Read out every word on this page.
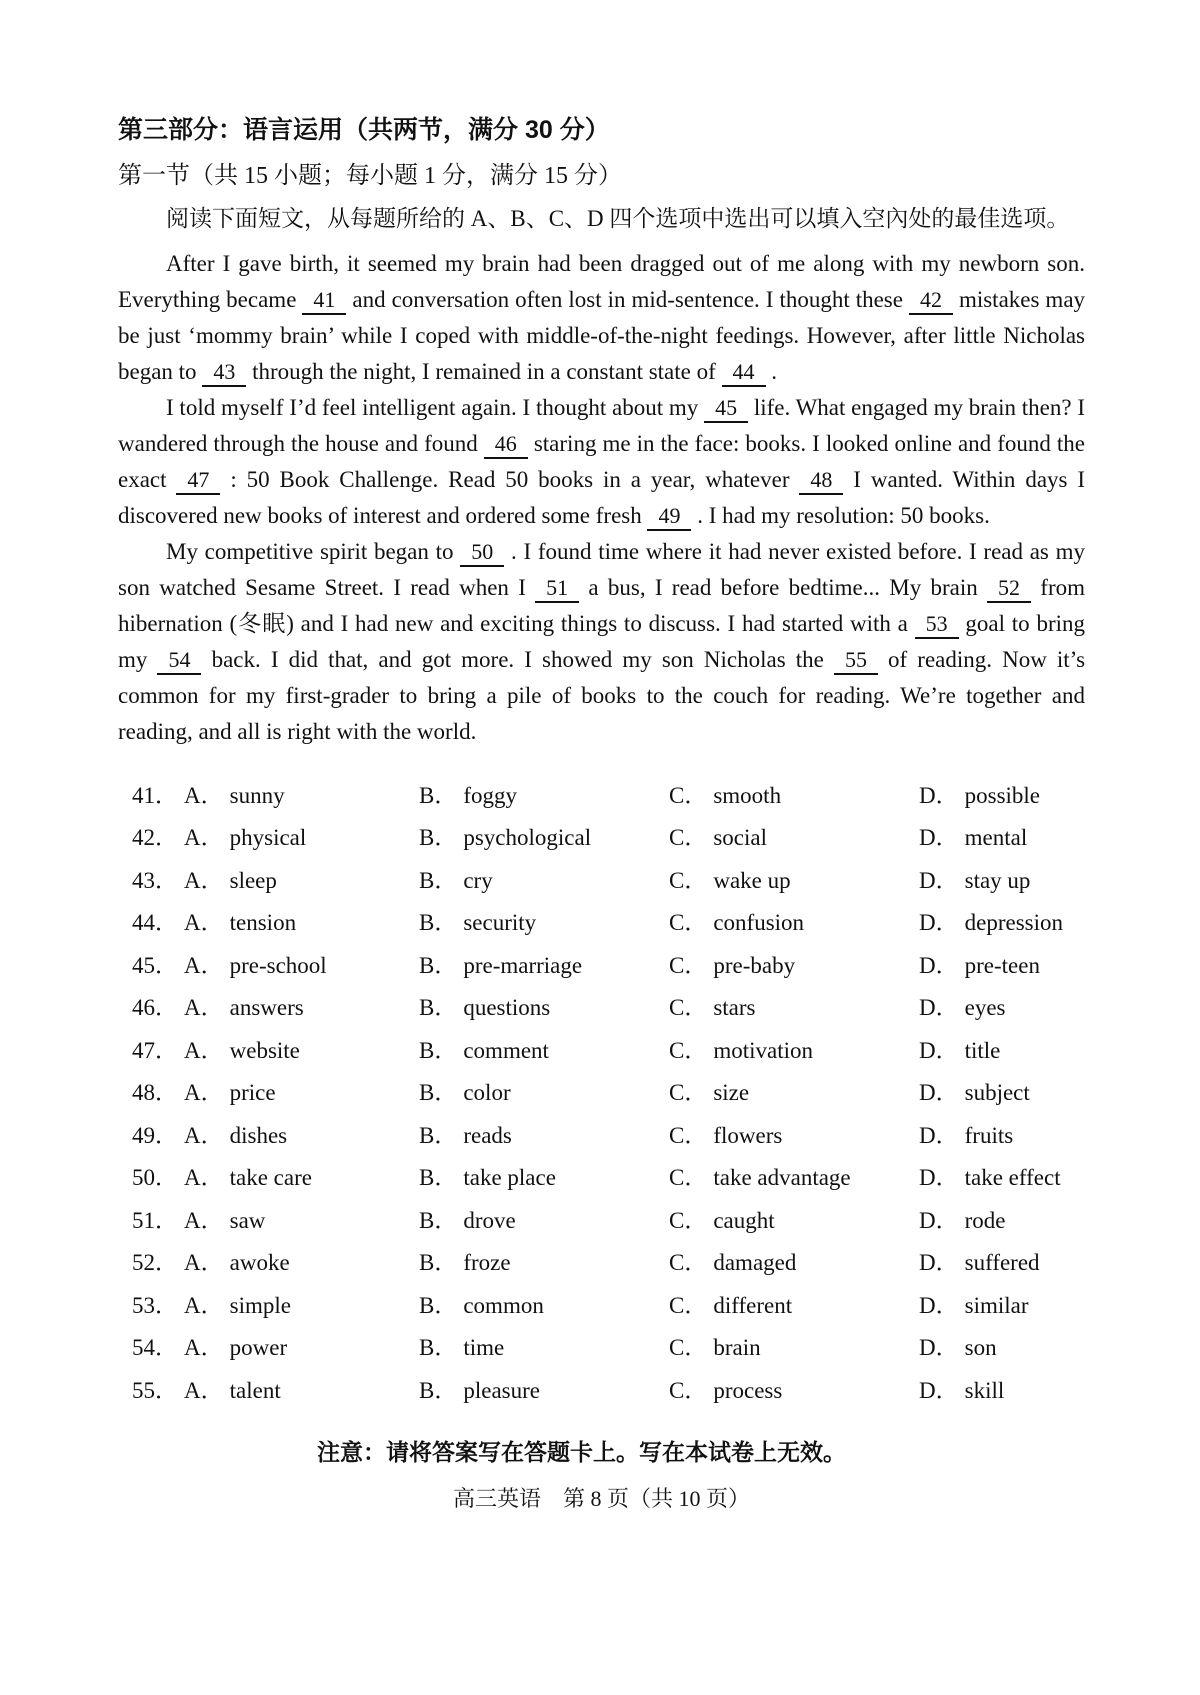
第三部分：语言运用（共两节，满分 30 分）
第一节（共 15 小题；每小题 1 分，满分 15 分）

阅读下面短文，从每题所给的 A、B、C、D 四个选项中选出可以填入空內处的最佳选项。

After I gave birth, it seemed my brain had been dragged out of me along with my newborn son. Everything became 41 and conversation often lost in mid-sentence. I thought these 42 mistakes may be just ‘mommy brain’ while I coped with middle-of-the-night feedings. However, after little Nicholas began to 43 through the night, I remained in a constant state of 44 .

I told myself I’d feel intelligent again. I thought about my 45 life. What engaged my brain then? I wandered through the house and found 46 staring me in the face: books. I looked online and found the exact 47 : 50 Book Challenge. Read 50 books in a year, whatever 48 I wanted. Within days I discovered new books of interest and ordered some fresh 49 . I had my resolution: 50 books.

My competitive spirit began to 50 . I found time where it had never existed before. I read as my son watched Sesame Street. I read when I 51 a bus, I read before bedtime... My brain 52 from hibernation (冬眠) and I had new and exciting things to discuss. I had started with a 53 goal to bring my 54 back. I did that, and got more. I showed my son Nicholas the 55 of reading. Now it’s common for my first-grader to bring a pile of books to the couch for reading. We’re together and reading, and all is right with the world.

41． A． sunny	B． foggy	C． smooth	D． possible
42． A． physical	B． psychological	C． social	D． mental
43． A． sleep	B． cry	C． wake up	D． stay up
44． A． tension	B． security	C． confusion	D． depression
45． A． pre-school	B． pre-marriage	C． pre-baby	D． pre-teen
46． A． answers	B． questions	C． stars	D． eyes
47． A． website	B． comment	C． motivation	D． title
48． A． price	B． color	C． size	D． subject
49． A． dishes	B． reads	C． flowers	D． fruits
50． A． take care	B． take place	C． take advantage	D． take effect
51． A． saw	B． drove	C． caught	D． rode
52． A． awoke	B． froze	C． damaged	D． suffered
53． A． simple	B． common	C． different	D． similar
54． A． power	B． time	C． brain	D． son
55． A． talent	B． pleasure	C． process	D． skill

注意：请将答案写在答题卡上。写在本试卷上无效。

高三英语　第 8 页（共 10 页）
